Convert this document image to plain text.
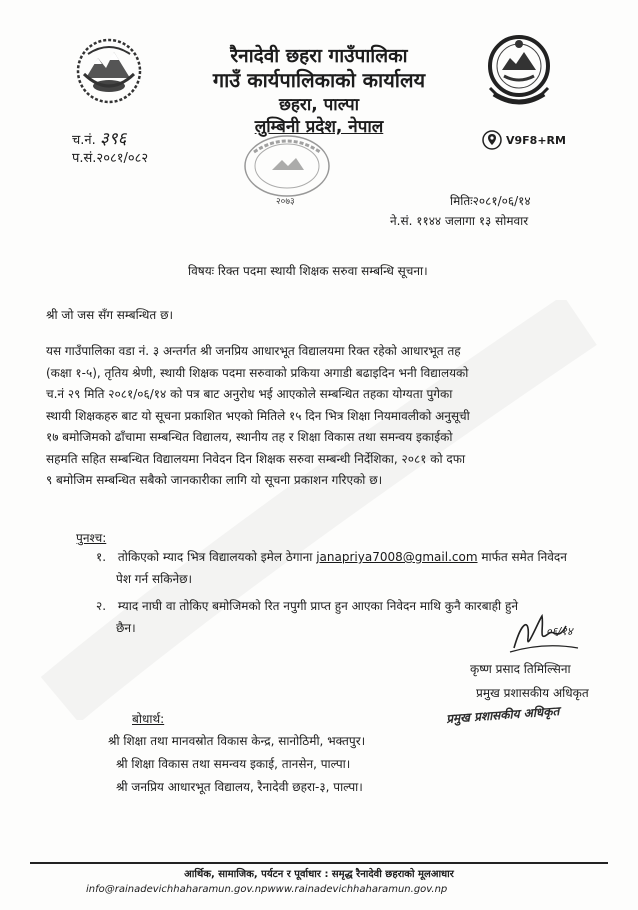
रैनादेवी छहरा गाउँपालिका
गाउँ कार्यपालिकाको कार्यालय
छहरा, पाल्पा
लुम्बिनी प्रदेश, नेपाल
च.नं. ३९६
प.सं.२०८१/०८२
V9F8+RM
२०७३	मितिः२०८१/०६/१४
ने.सं. ११४४ जलागा १३ सोमवार
विषयः रिक्त पदमा स्थायी शिक्षक सरुवा सम्बन्धि सूचना।
श्री जो जस सँग सम्बन्धित छ।
यस गाउँपालिका वडा नं. ३ अन्तर्गत श्री जनप्रिय आधारभूत विद्यालयमा रिक्त रहेको आधारभूत तह
(कक्षा १-५), तृतिय श्रेणी, स्थायी शिक्षक पदमा सरुवाको प्रकिया अगाडी बढाइदिन भनी विद्यालयको
च.नं २९ मिति २०८१/०६/१४ को पत्र बाट अनुरोध भई आएकोले सम्बन्धित तहका योग्यता पुगेका
स्थायी शिक्षकहरु बाट यो सूचना प्रकाशित भएको मितिले १५ दिन भित्र शिक्षा नियमावलीको अनुसूची
१७ बमोजिमको ढाँचामा सम्बन्धित विद्यालय, स्थानीय तह र शिक्षा विकास तथा समन्वय इकाईको
सहमति सहित सम्बन्धित विद्यालयमा निवेदन दिन शिक्षक सरुवा सम्बन्धी निर्देशिका, २०८१ को दफा
९ बमोजिम सम्बन्धित सबैको जानकारीका लागि यो सूचना प्रकाशन गरिएको छ।
पुनश्च:
१. तोकिएको म्याद भित्र विद्यालयको इमेल ठेगाना janapriya7008@gmail.com मार्फत समेत निवेदन
पेश गर्न सकिनेछ।
२. म्याद नाघी वा तोकिए बमोजिमको रित नपुगी प्राप्त हुन आएका निवेदन माथि कुनै कारबाही हुने
छैन।	०६/१४
कृष्ण प्रसाद तिमिल्सिना
प्रमुख प्रशासकीय अधिकृत
प्रमुख प्रशासकीय अधिकृत
बोधार्थ:
श्री शिक्षा तथा मानवस्रोत विकास केन्द्र, सानोठिमी, भक्तपुर।
श्री शिक्षा विकास तथा समन्वय इकाई, तानसेन, पाल्पा।
श्री जनप्रिय आधारभूत विद्यालय, रैनादेवी छहरा-३, पाल्पा।
आर्थिक, सामाजिक, पर्यटन र पूर्वाधार : समृद्ध रैनादेवी छहराको मूलआधार
info@rainadevichhaharamun.gov.npwww.rainadevichhaharamun.gov.np
